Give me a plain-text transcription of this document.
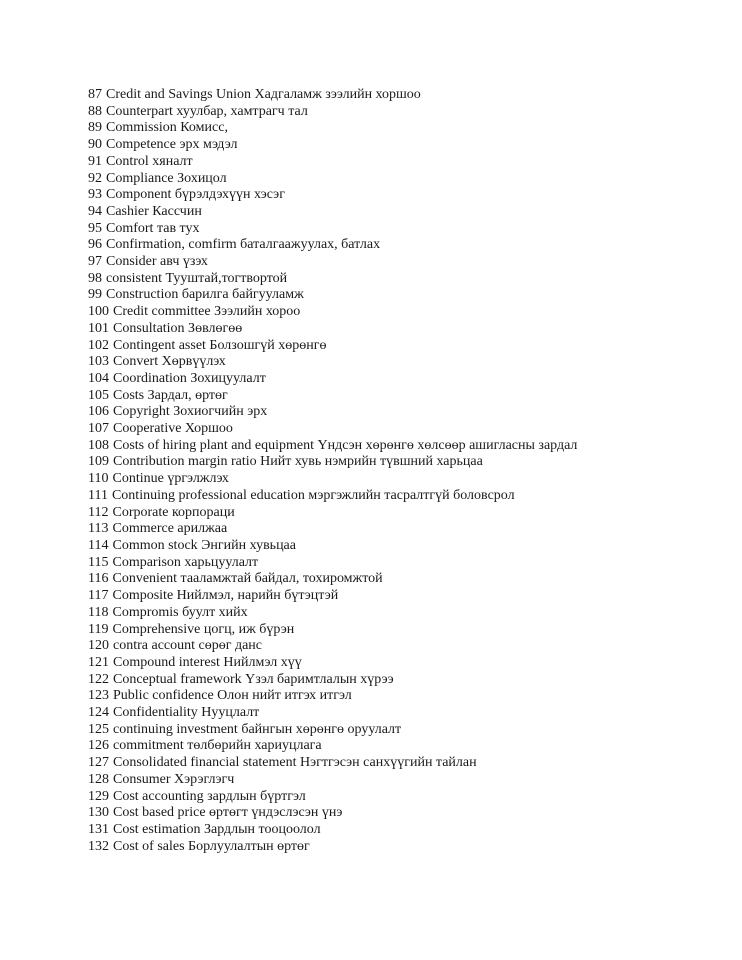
87 Credit and Savings Union Хадгаламж зээлийн хоршоо
88 Counterpart хуулбар, хамтрагч тал
89 Commission Комисс,
90 Competence эрх мэдэл
91 Control хяналт
92 Compliance Зохицол
93 Component бүрэлдэхүүн хэсэг
94 Cashier Кассчин
95 Comfort тав тух
96 Confirmation, comfirm баталгаажуулах, батлах
97 Consider авч үзэх
98 consistent Тууштай,тогтвортой
99 Construction барилга байгууламж
100 Credit committee Зээлийн хороо
101 Consultation Зөвлөгөө
102 Contingent asset Болзошгүй хөрөнгө
103 Convert Хөрвүүлэх
104 Coordination Зохицуулалт
105 Costs Зардал, өртөг
106 Copyright Зохиогчийн эрх
107 Cooperative Хоршоо
108 Costs of hiring plant and equipment Үндсэн хөрөнгө хөлсөөр ашигласны зардал
109 Contribution margin ratio Нийт хувь нэмрийн түвшний харьцаа
110 Continue үргэлжлэх
111 Continuing professional education мэргэжлийн тасралтгүй боловсрол
112 Corporate корпораци
113 Commerce арилжаа
114 Common stock Энгийн хувьцаа
115 Comparison харьцуулалт
116 Convenient тааламжтай байдал, тохиромжтой
117 Composite Нийлмэл, нарийн бүтэцтэй
118 Compromis буулт хийх
119 Comprehensive цогц, иж бүрэн
120 contra account сөрөг данс
121 Compound interest Нийлмэл хүү
122 Conceptual framework Үзэл баримтлалын хүрээ
123 Public confidence Олон нийт итгэх итгэл
124 Confidentiality Нууцлалт
125 continuing investment байнгын хөрөнгө оруулалт
126 commitment төлбөрийн хариуцлага
127 Consolidated financial statement Нэгтгэсэн санхүүгийн тайлан
128 Consumer Хэрэглэгч
129 Cost accounting зардлын бүртгэл
130 Cost based price өртөгт үндэслэсэн үнэ
131 Cost estimation Зардлын тооцоолол
132 Cost of sales Борлуулалтын өртөг
